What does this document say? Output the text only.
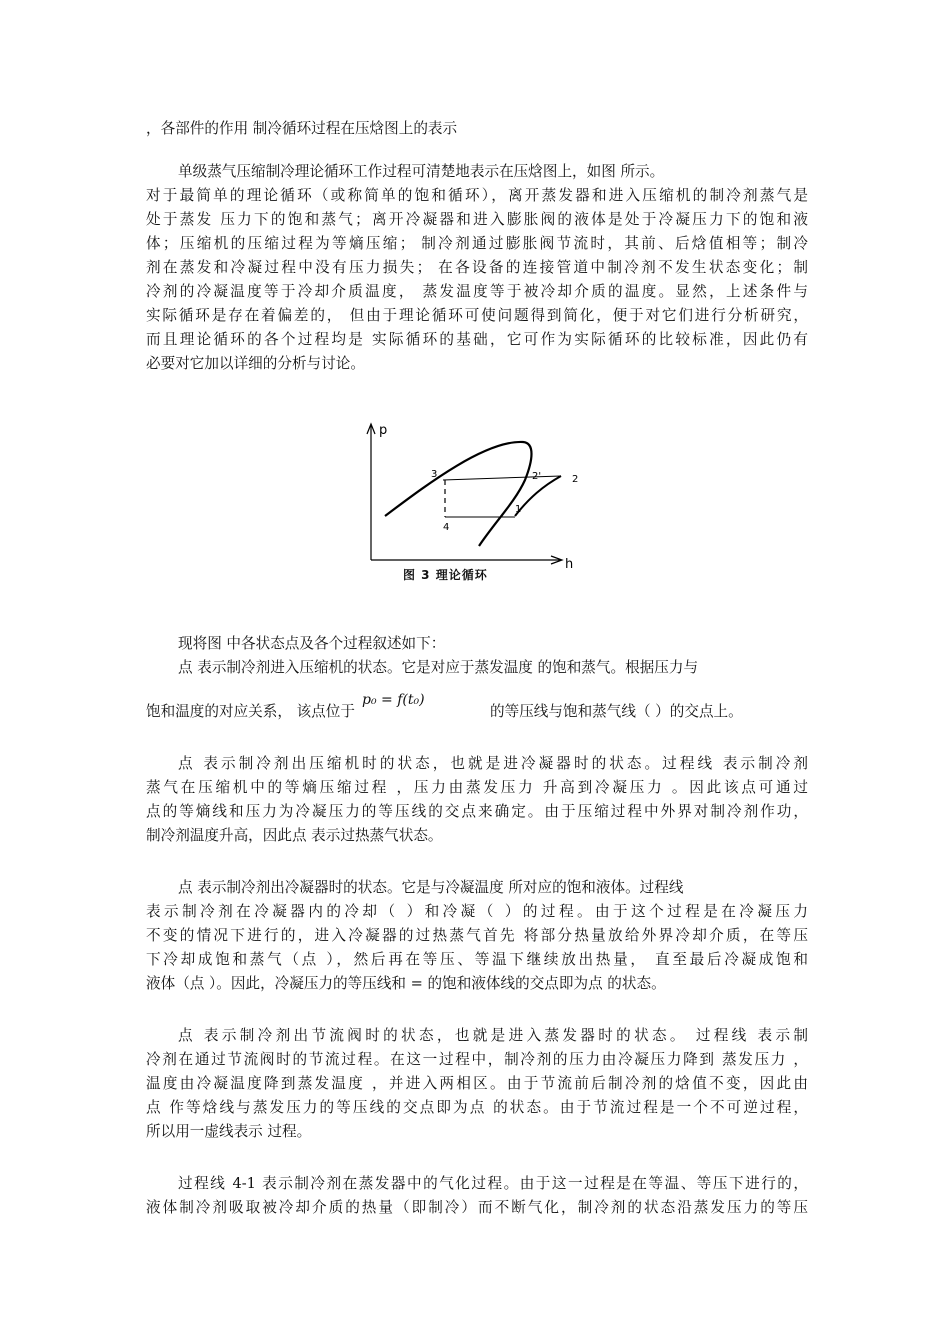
，各部件的作用 制冷循环过程在压焓图上的表示
单级蒸气压缩制冷理论循环工作过程可清楚地表示在压焓图上，如图 所示。
对于最简单的理论循环（或称简单的饱和循环），离开蒸发器和进入压缩机的制冷剂蒸气是
处于蒸发 压力下的饱和蒸气；离开冷凝器和进入膨胀阀的液体是处于冷凝压力下的饱和液
体；压缩机的压缩过程为等熵压缩； 制冷剂通过膨胀阀节流时，其前、后焓值相等；制冷
剂在蒸发和冷凝过程中没有压力损失； 在各设备的连接管道中制冷剂不发生状态变化；制
冷剂的冷凝温度等于冷却介质温度， 蒸发温度等于被冷却介质的温度。显然，上述条件与
实际循环是存在着偏差的， 但由于理论循环可使问题得到简化，便于对它们进行分析研究，
而且理论循环的各个过程均是 实际循环的基础，它可作为实际循环的比较标准，因此仍有
必要对它加以详细的分析与讨论。
p
h
3	2'	2
4
1
图 3 理论循环
现将图 中各状态点及各个过程叙述如下：
点 表示制冷剂进入压缩机的状态。它是对应于蒸发温度 的饱和蒸气。根据压力与
饱和温度的对应关系， 该点位于
p₀ = f(t₀)
的等压线与饱和蒸气线（ ）的交点上。
点 表示制冷剂出压缩机时的状态，也就是进冷凝器时的状态。过程线 表示制冷剂
蒸气在压缩机中的等熵压缩过程 ，压力由蒸发压力 升高到冷凝压力 。因此该点可通过
点的等熵线和压力为冷凝压力的等压线的交点来确定。由于压缩过程中外界对制冷剂作功，
制冷剂温度升高，因此点 表示过热蒸气状态。
点 表示制冷剂出冷凝器时的状态。它是与冷凝温度 所对应的饱和液体。过程线
表示制冷剂在冷凝器内的冷却（ ）和冷凝（ ）的过程。由于这个过程是在冷凝压力
不变的情况下进行的，进入冷凝器的过热蒸气首先 将部分热量放给外界冷却介质，在等压
下冷却成饱和蒸气（点 ），然后再在等压、等温下继续放出热量， 直至最后冷凝成饱和
液体（点 ）。因此，冷凝压力的等压线和 = 的饱和液体线的交点即为点 的状态。
点 表示制冷剂出节流阀时的状态，也就是进入蒸发器时的状态。 过程线 表示制
冷剂在通过节流阀时的节流过程。在这一过程中，制冷剂的压力由冷凝压力降到 蒸发压力 ，
温度由冷凝温度降到蒸发温度 ，并进入两相区。由于节流前后制冷剂的焓值不变，因此由
点 作等焓线与蒸发压力的等压线的交点即为点 的状态。由于节流过程是一个不可逆过程，
所以用一虚线表示 过程。
过程线 4-1 表示制冷剂在蒸发器中的气化过程。由于这一过程是在等温、等压下进行的，
液体制冷剂吸取被冷却介质的热量（即制冷）而不断气化，制冷剂的状态沿蒸发压力的等压
